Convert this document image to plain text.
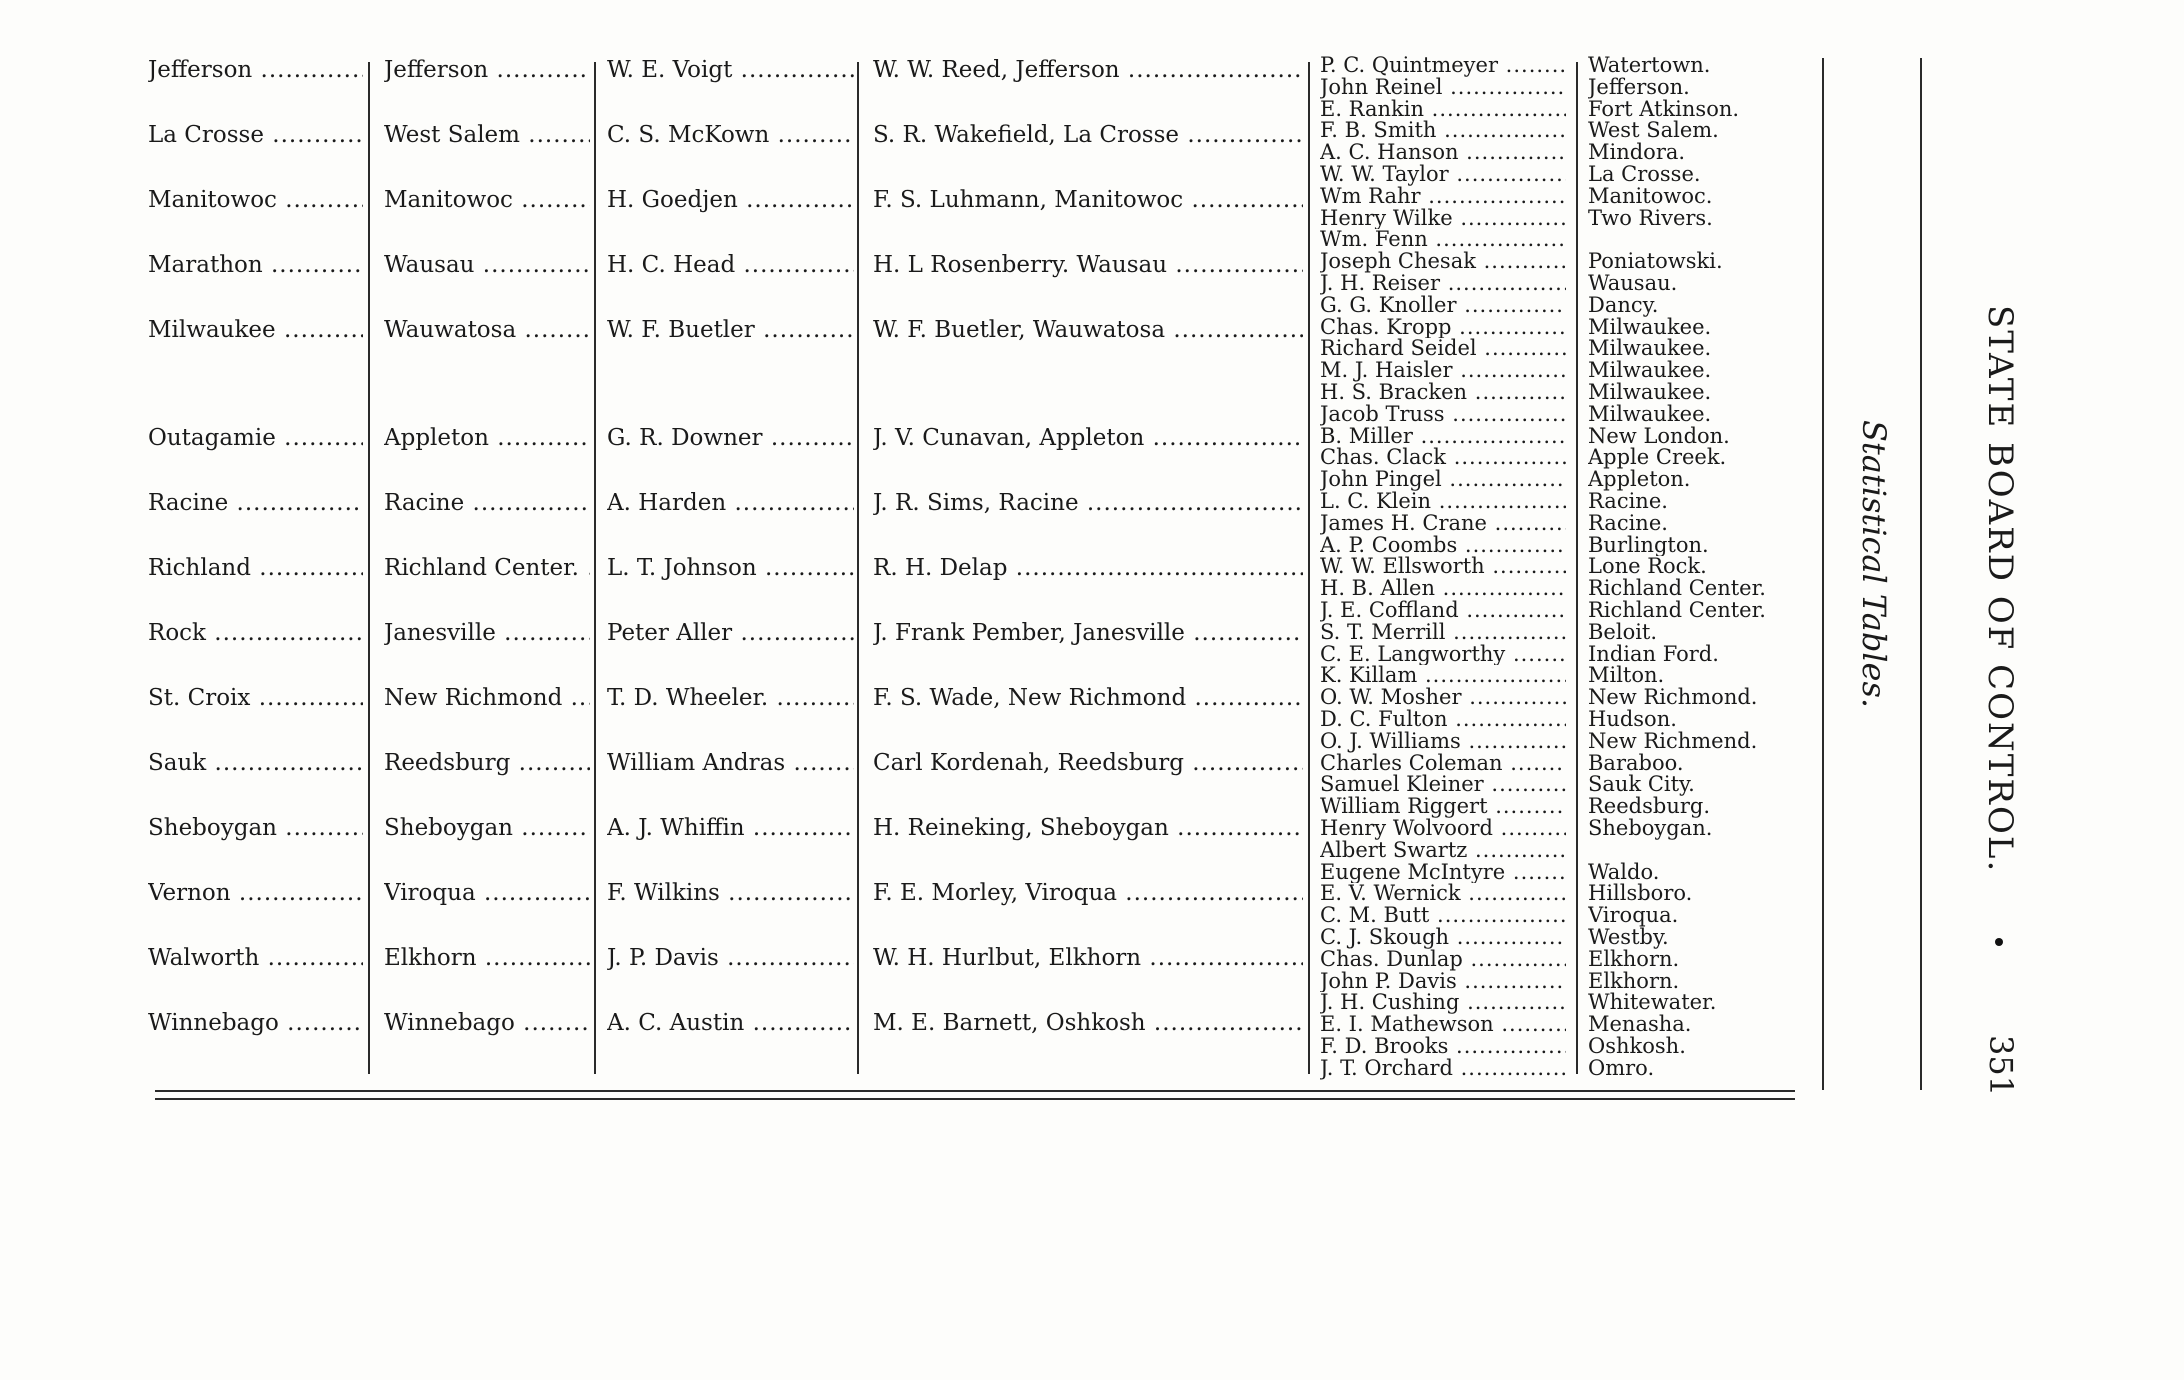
Jefferson .....	Jefferson .....	W. E. Voigt .....	W. W. Reed, Jefferson .....
La Crosse .....	West Salem .....	C. S. McKown .....	S. R. Wakefield, La Crosse .....
Manitowoc .....	Manitowoc .....	H. Goedjen .....	F. S. Luhmann, Manitowoc .....
Marathon .....	Wausau .....	H. C. Head .....	H. L Rosenberry. Wausau .....
Milwaukee .....	Wauwatosa .....	W. F. Buetler .....	W. F. Buetler, Wauwatosa .....
Outagamie .....	Appleton .....	G. R. Downer .....	J. V. Cunavan, Appleton .....
Racine .....	Racine .....	A. Harden .....	J. R. Sims, Racine .....
Richland .....	Richland Center. .....	L. T. Johnson .....	R. H. Delap .....
Rock .....	Janesville .....	Peter Aller .....	J. Frank Pember, Janesville .....
St. Croix .....	New Richmond .....	T. D. Wheeler. .....	F. S. Wade, New Richmond .....
Sauk .....	Reedsburg .....	William Andras .....	Carl Kordenah, Reedsburg .....
Sheboygan .....	Sheboygan .....	A. J. Whiffin .....	H. Reineking, Sheboygan .....
Vernon .....	Viroqua .....	F. Wilkins .....	F. E. Morley, Viroqua .....
Walworth .....	Elkhorn .....	J. P. Davis .....	W. H. Hurlbut, Elkhorn .....
Winnebago .....	Winnebago .....	A. C. Austin .....	M. E. Barnett, Oshkosh .....
P. C. Quintmeyer .....	Watertown.
John Reinel .....	Jefferson.
E. Rankin .....	Fort Atkinson.
F. B. Smith .....	West Salem.
A. C. Hanson .....	Mindora.
W. W. Taylor .....	La Crosse.
Wm Rahr .....	Manitowoc.
Henry Wilke .....	Two Rivers.
Wm. Fenn .....
Joseph Chesak .....	Poniatowski.
J. H. Reiser .....	Wausau.
G. G. Knoller .....	Dancy.
Chas. Kropp .....	Milwaukee.
Richard Seidel .....	Milwaukee.
M. J. Haisler .....	Milwaukee.
H. S. Bracken .....	Milwaukee.
Jacob Truss .....	Milwaukee.
B. Miller .....	New London.
Chas. Clack .....	Apple Creek.
John Pingel .....	Appleton.
L. C. Klein .....	Racine.
James H. Crane .....	Racine.
A. P. Coombs .....	Burlington.
W. W. Ellsworth .....	Lone Rock.
H. B. Allen .....	Richland Center.
J. E. Coffland .....	Richland Center.
S. T. Merrill .....	Beloit.
C. E. Langworthy .....	Indian Ford.
K. Killam .....	Milton.
O. W. Mosher .....	New Richmond.
D. C. Fulton .....	Hudson.
O. J. Williams .....	New Richmend.
Charles Coleman .....	Baraboo.
Samuel Kleiner .....	Sauk City.
William Riggert .....	Reedsburg.
Henry Wolvoord .....	Sheboygan.
Albert Swartz .....
Eugene McIntyre .....	Waldo.
E. V. Wernick .....	Hillsboro.
C. M. Butt .....	Viroqua.
C. J. Skough .....	Westby.
Chas. Dunlap .....	Elkhorn.
John P. Davis .....	Elkhorn.
J. H. Cushing .....	Whitewater.
E. I. Mathewson .....	Menasha.
F. D. Brooks .....	Oshkosh.
J. T. Orchard .....	Omro.
Statistical Tables.	STATE BOARD OF CONTROL.
351
